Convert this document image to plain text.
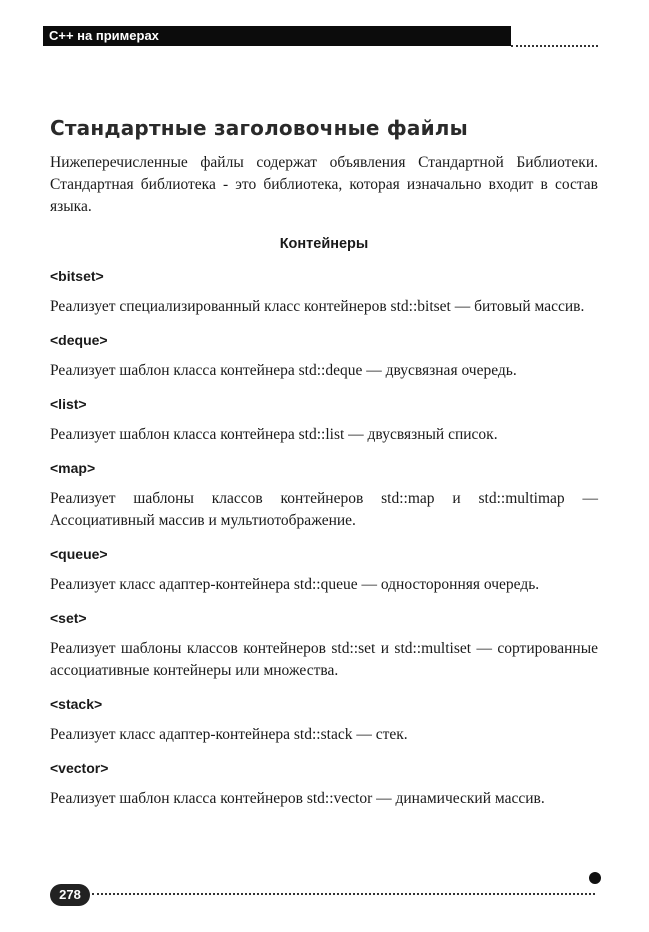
C++ на примерах
Стандартные заголовочные файлы

Нижеперечисленные файлы содержат объявления Стандартной Библиотеки. Стандартная библиотека - это библиотека, которая изначально входит в состав языка.

Контейнеры
<bitset>
Реализует специализированный класс контейнеров std::bitset — битовый массив.
<deque>
Реализует шаблон класса контейнера std::deque — двусвязная очередь.
<list>
Реализует шаблон класса контейнера std::list — двусвязный список.
<map>
Реализует шаблоны классов контейнеров std::map и std::multimap — Ассоциативный массив и мультиотображение.
<queue>
Реализует класс адаптер-контейнера std::queue — односторонняя очередь.
<set>
Реализует шаблоны классов контейнеров std::set и std::multiset — сортированные ассоциативные контейнеры или множества.
<stack>
Реализует класс адаптер-контейнера std::stack — стек.
<vector>
Реализует шаблон класса контейнеров std::vector — динамический массив.
278
